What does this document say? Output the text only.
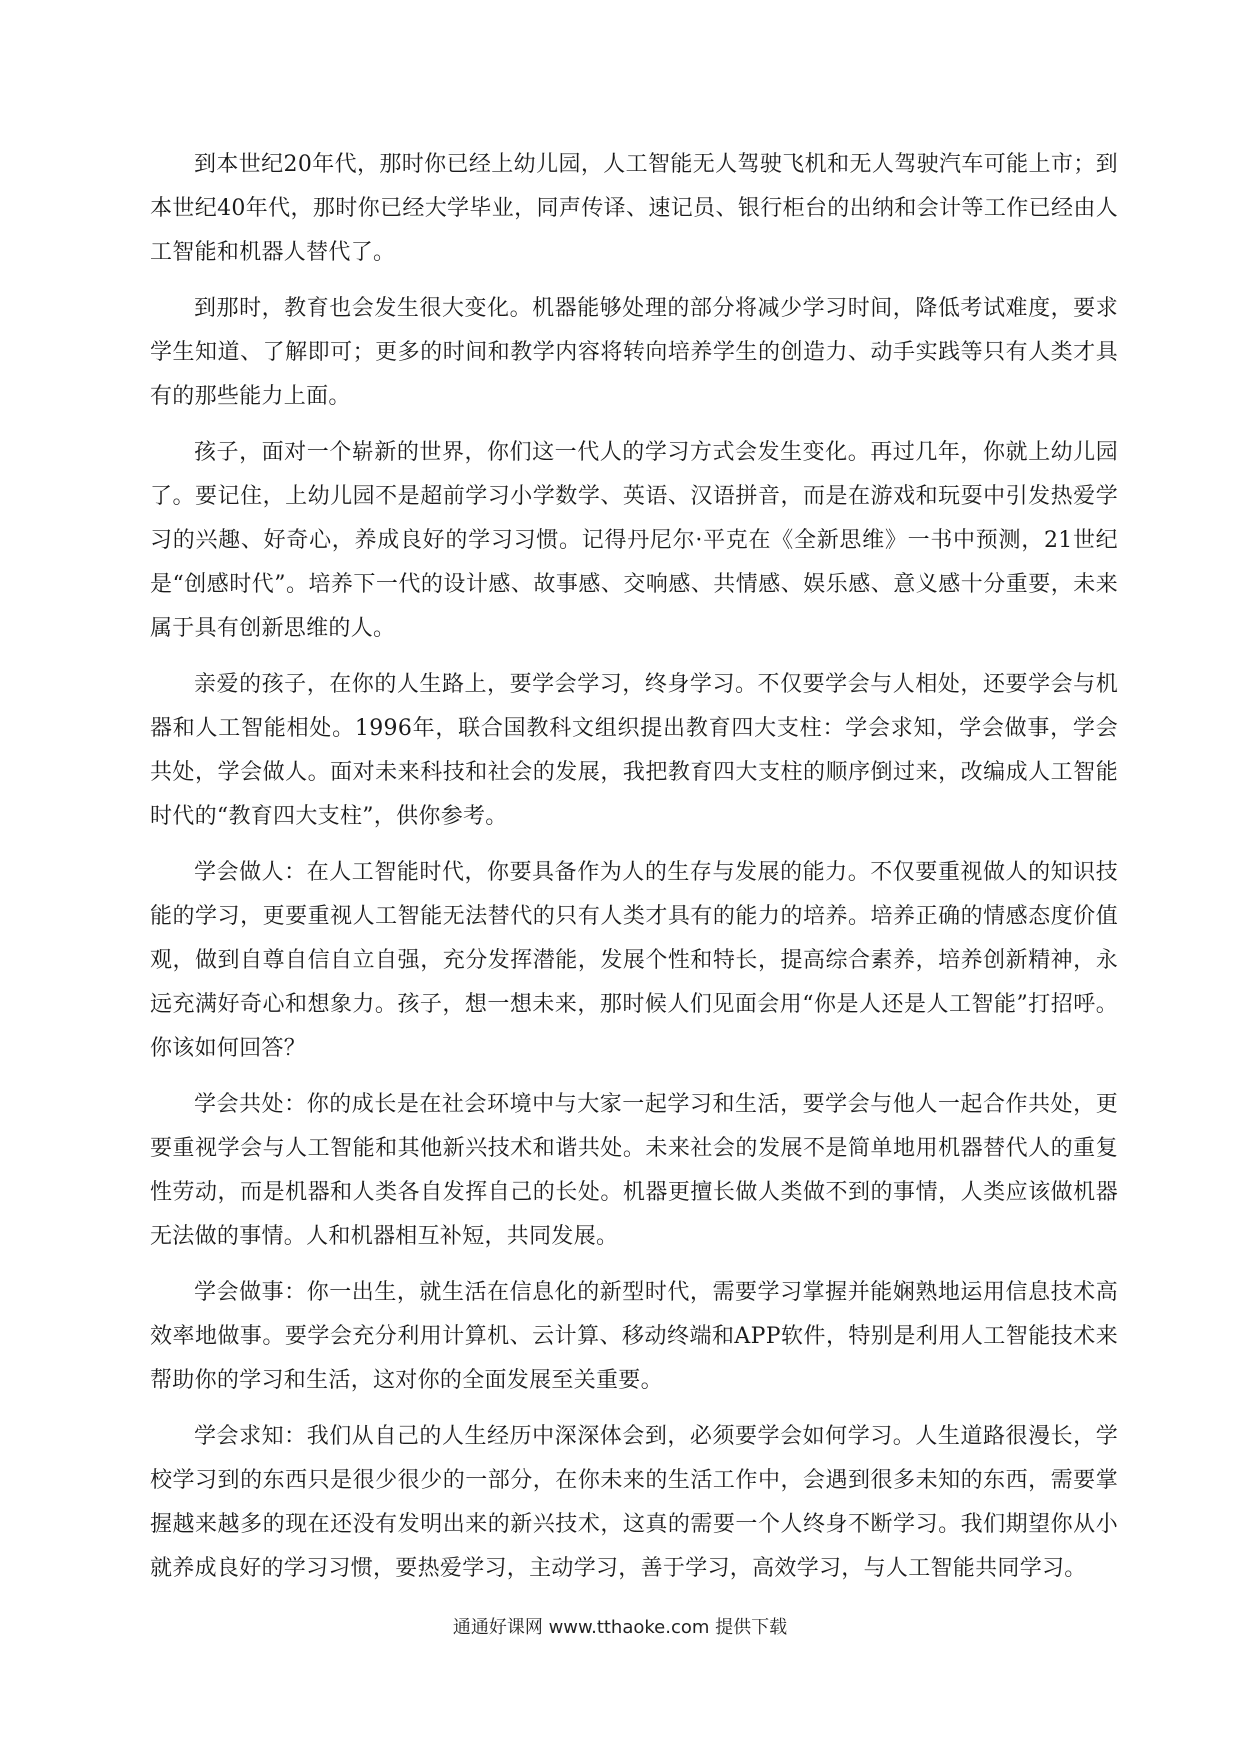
到本世纪20年代，那时你已经上幼儿园，人工智能无人驾驶飞机和无人驾驶汽车可能上市；到本世纪40年代，那时你已经大学毕业，同声传译、速记员、银行柜台的出纳和会计等工作已经由人工智能和机器人替代了。

到那时，教育也会发生很大变化。机器能够处理的部分将减少学习时间，降低考试难度，要求学生知道、了解即可；更多的时间和教学内容将转向培养学生的创造力、动手实践等只有人类才具有的那些能力上面。

孩子，面对一个崭新的世界，你们这一代人的学习方式会发生变化。再过几年，你就上幼儿园了。要记住，上幼儿园不是超前学习小学数学、英语、汉语拼音，而是在游戏和玩耍中引发热爱学习的兴趣、好奇心，养成良好的学习习惯。记得丹尼尔·平克在《全新思维》一书中预测，21世纪是“创感时代”。培养下一代的设计感、故事感、交响感、共情感、娱乐感、意义感十分重要，未来属于具有创新思维的人。

亲爱的孩子，在你的人生路上，要学会学习，终身学习。不仅要学会与人相处，还要学会与机器和人工智能相处。1996年，联合国教科文组织提出教育四大支柱：学会求知，学会做事，学会共处，学会做人。面对未来科技和社会的发展，我把教育四大支柱的顺序倒过来，改编成人工智能时代的“教育四大支柱”，供你参考。

学会做人：在人工智能时代，你要具备作为人的生存与发展的能力。不仅要重视做人的知识技能的学习，更要重视人工智能无法替代的只有人类才具有的能力的培养。培养正确的情感态度价值观，做到自尊自信自立自强，充分发挥潜能，发展个性和特长，提高综合素养，培养创新精神，永远充满好奇心和想象力。孩子，想一想未来，那时候人们见面会用“你是人还是人工智能”打招呼。你该如何回答？

学会共处：你的成长是在社会环境中与大家一起学习和生活，要学会与他人一起合作共处，更要重视学会与人工智能和其他新兴技术和谐共处。未来社会的发展不是简单地用机器替代人的重复性劳动，而是机器和人类各自发挥自己的长处。机器更擅长做人类做不到的事情，人类应该做机器无法做的事情。人和机器相互补短，共同发展。

学会做事：你一出生，就生活在信息化的新型时代，需要学习掌握并能娴熟地运用信息技术高效率地做事。要学会充分利用计算机、云计算、移动终端和APP软件，特别是利用人工智能技术来帮助你的学习和生活，这对你的全面发展至关重要。

学会求知：我们从自己的人生经历中深深体会到，必须要学会如何学习。人生道路很漫长，学校学习到的东西只是很少很少的一部分，在你未来的生活工作中，会遇到很多未知的东西，需要掌握越来越多的现在还没有发明出来的新兴技术，这真的需要一个人终身不断学习。我们期望你从小就养成良好的学习习惯，要热爱学习，主动学习，善于学习，高效学习，与人工智能共同学习。

通通好课网 www.tthaoke.com 提供下载
